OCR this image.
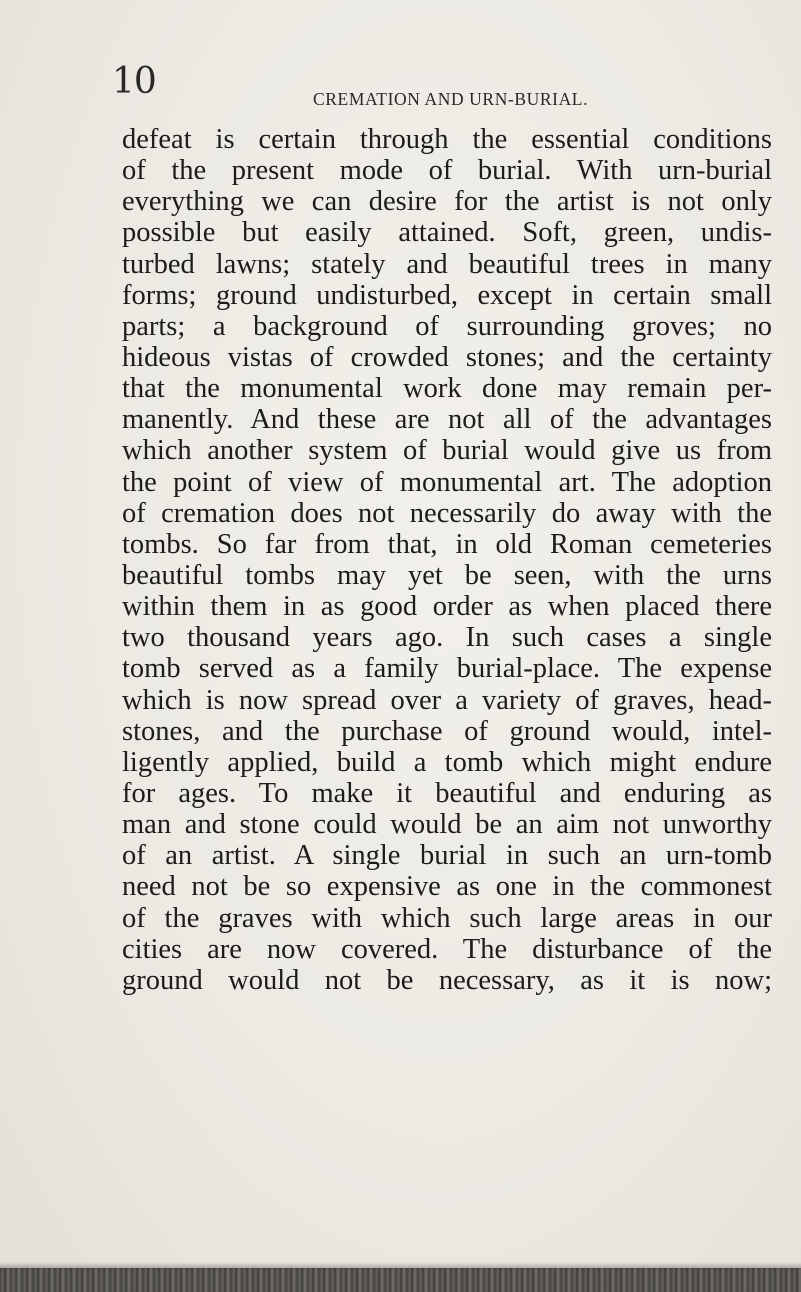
10	CREMATION AND URN-BURIAL.
defeat is certain through the essential conditions
of the present mode of burial. With urn-burial
everything we can desire for the artist is not only
possible but easily attained. Soft, green, undis-
turbed lawns; stately and beautiful trees in many
forms; ground undisturbed, except in certain small
parts; a background of surrounding groves; no
hideous vistas of crowded stones; and the certainty
that the monumental work done may remain per-
manently. And these are not all of the advantages
which another system of burial would give us from
the point of view of monumental art. The adoption
of cremation does not necessarily do away with the
tombs. So far from that, in old Roman cemeteries
beautiful tombs may yet be seen, with the urns
within them in as good order as when placed there
two thousand years ago. In such cases a single
tomb served as a family burial-place. The expense
which is now spread over a variety of graves, head-
stones, and the purchase of ground would, intel-
ligently applied, build a tomb which might endure
for ages. To make it beautiful and enduring as
man and stone could would be an aim not unworthy
of an artist. A single burial in such an urn-tomb
need not be so expensive as one in the commonest
of the graves with which such large areas in our
cities are now covered. The disturbance of the
ground would not be necessary, as it is now;
